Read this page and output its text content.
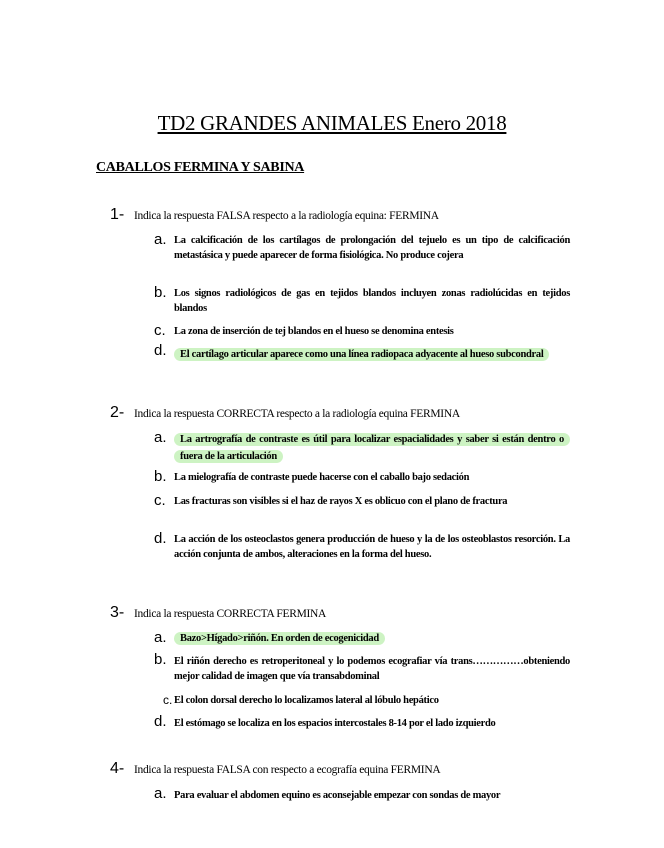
TD2 GRANDES ANIMALES Enero 2018
CABALLOS FERMINA Y SABINA
1- Indica la respuesta FALSA respecto a la radiología equina: FERMINA
a. La calcificación de los cartílagos de prolongación del tejuelo es un tipo de calcificación metastásica y puede aparecer de forma fisiológica. No produce cojera
b. Los signos radiológicos de gas en tejidos blandos incluyen zonas radiolúcidas en tejidos blandos
c. La zona de inserción de tej blandos en el hueso se denomina entesis
d.	El cartílago articular aparece como una línea radiopaca adyacente al hueso subcondral
2- Indica la respuesta CORRECTA respecto a la radiología equina FERMINA
a.	La artrografía de contraste es útil para localizar espacialidades y saber si están dentro o fuera de la articulación
b. La mielografía de contraste puede hacerse con el caballo bajo sedación
c. Las fracturas son visibles si el haz de rayos X es oblicuo con el plano de fractura
d. La acción de los osteoclastos genera producción de hueso y la de los osteoblastos resorción. La acción conjunta de ambos, alteraciones en la forma del hueso.
3- Indica la respuesta CORRECTA FERMINA
a.	Bazo>Hígado>riñón. En orden de ecogenicidad
b. El riñón derecho es retroperitoneal y lo podemos ecografiar vía trans……………obteniendo mejor calidad de imagen que vía transabdominal
c. El colon dorsal derecho lo localizamos lateral al lóbulo hepático
d. El estómago se localiza en los espacios intercostales 8-14 por el lado izquierdo
4- Indica la respuesta FALSA con respecto a ecografía equina FERMINA
a. Para evaluar el abdomen equino es aconsejable empezar con sondas de mayor
